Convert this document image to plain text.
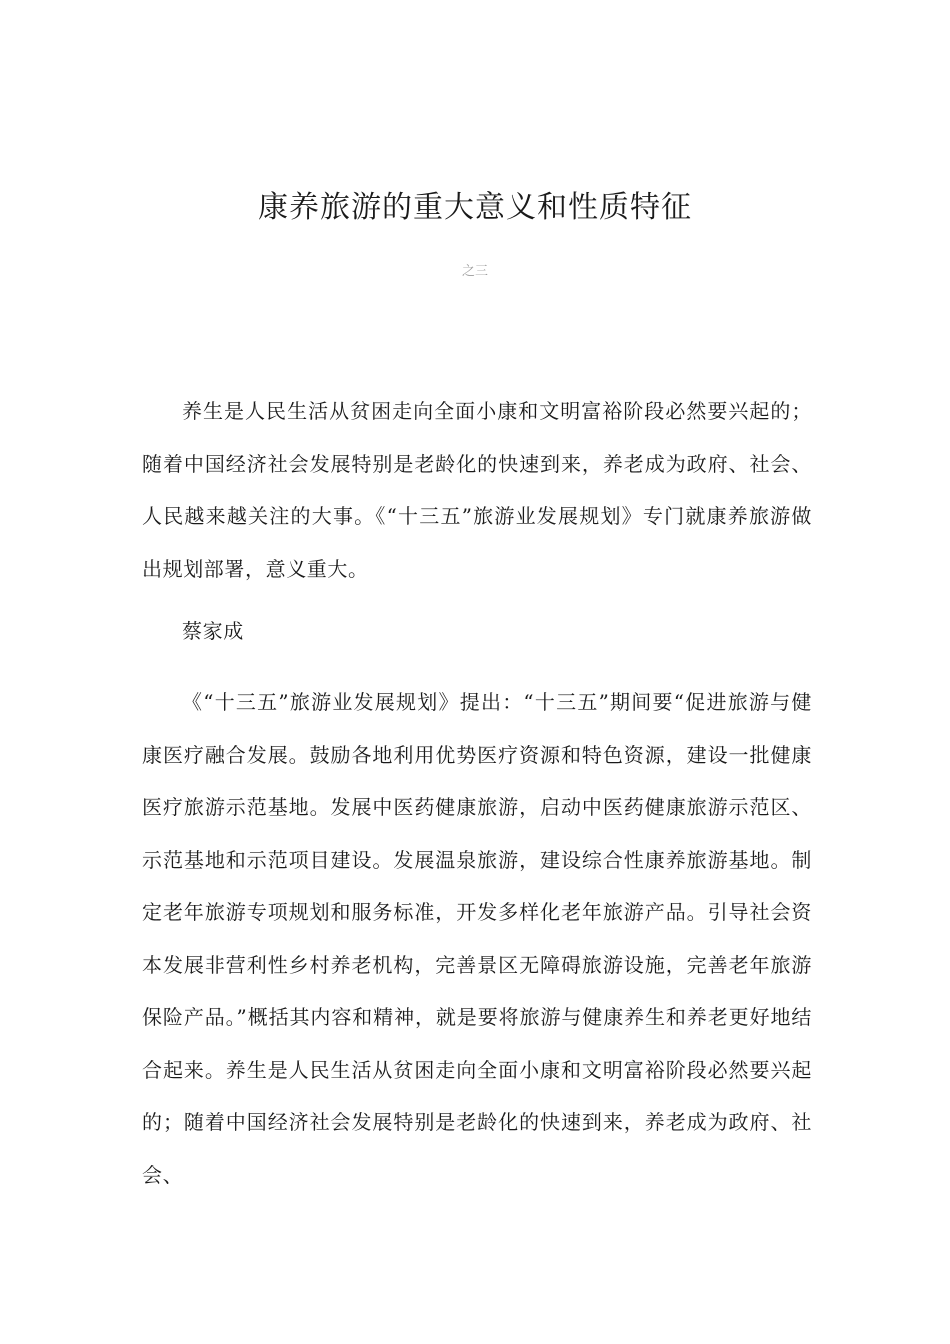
康养旅游的重大意义和性质特征
之三

养生是人民生活从贫困走向全面小康和文明富裕阶段必然要兴起的；随着中国经济社会发展特别是老龄化的快速到来，养老成为政府、社会、人民越来越关注的大事。《“十三五”旅游业发展规划》专门就康养旅游做出规划部署，意义重大。

蔡家成

《“十三五”旅游业发展规划》提出：“十三五”期间要“促进旅游与健康医疗融合发展。鼓励各地利用优势医疗资源和特色资源，建设一批健康医疗旅游示范基地。发展中医药健康旅游，启动中医药健康旅游示范区、示范基地和示范项目建设。发展温泉旅游，建设综合性康养旅游基地。制定老年旅游专项规划和服务标准，开发多样化老年旅游产品。引导社会资本发展非营利性乡村养老机构，完善景区无障碍旅游设施，完善老年旅游保险产品。”概括其内容和精神，就是要将旅游与健康养生和养老更好地结合起来。养生是人民生活从贫困走向全面小康和文明富裕阶段必然要兴起的；随着中国经济社会发展特别是老龄化的快速到来，养老成为政府、社会、
